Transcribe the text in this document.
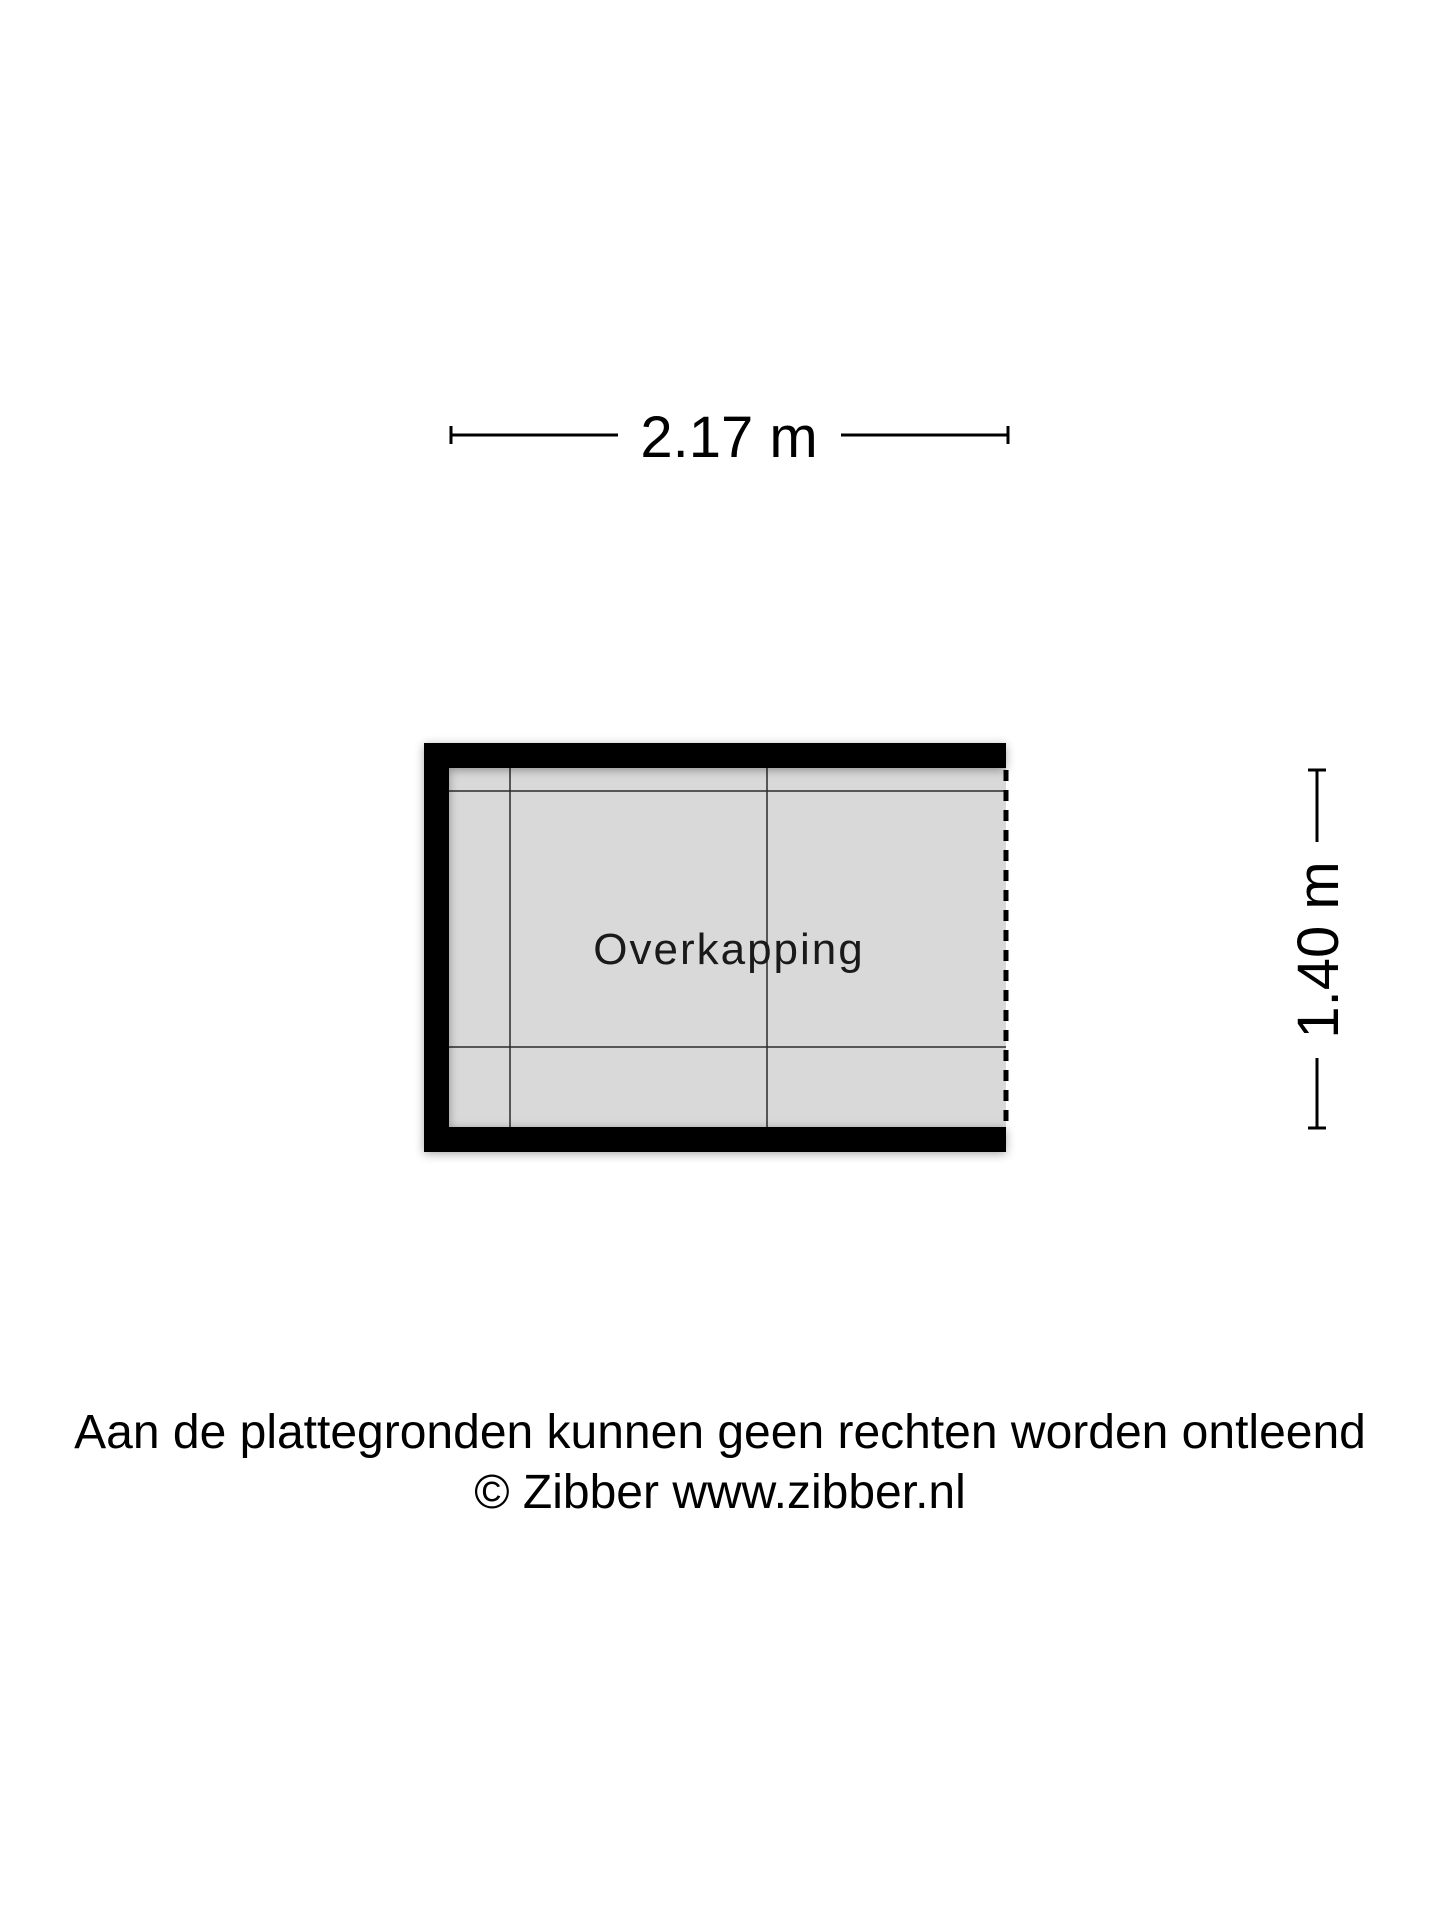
2.17 m
1.40 m
Overkapping
Aan de plattegronden kunnen geen rechten worden ontleend
© Zibber www.zibber.nl
